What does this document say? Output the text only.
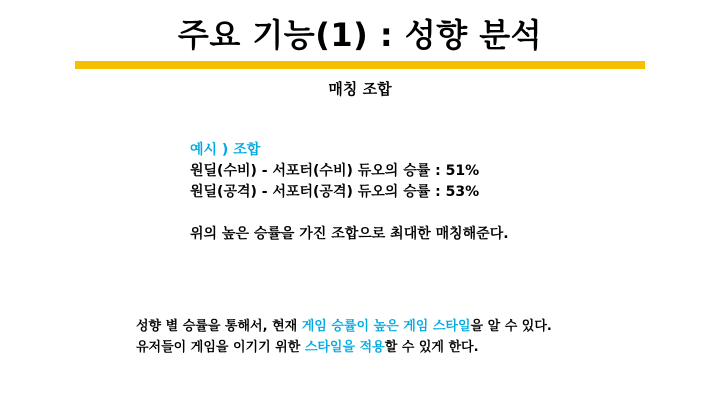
주요 기능(1) : 성향 분석
매칭 조합
예시 ) 조합
원딜(수비) - 서포터(수비) 듀오의 승률 : 51%
원딜(공격) - 서포터(공격) 듀오의 승률 : 53%
위의 높은 승률을 가진 조합으로 최대한 매칭해준다.
성향 별 승률을 통해서, 현재 게임 승률이 높은 게임 스타일을 알 수 있다.
유저들이 게임을 이기기 위한 스타일을 적용할 수 있게 한다.
